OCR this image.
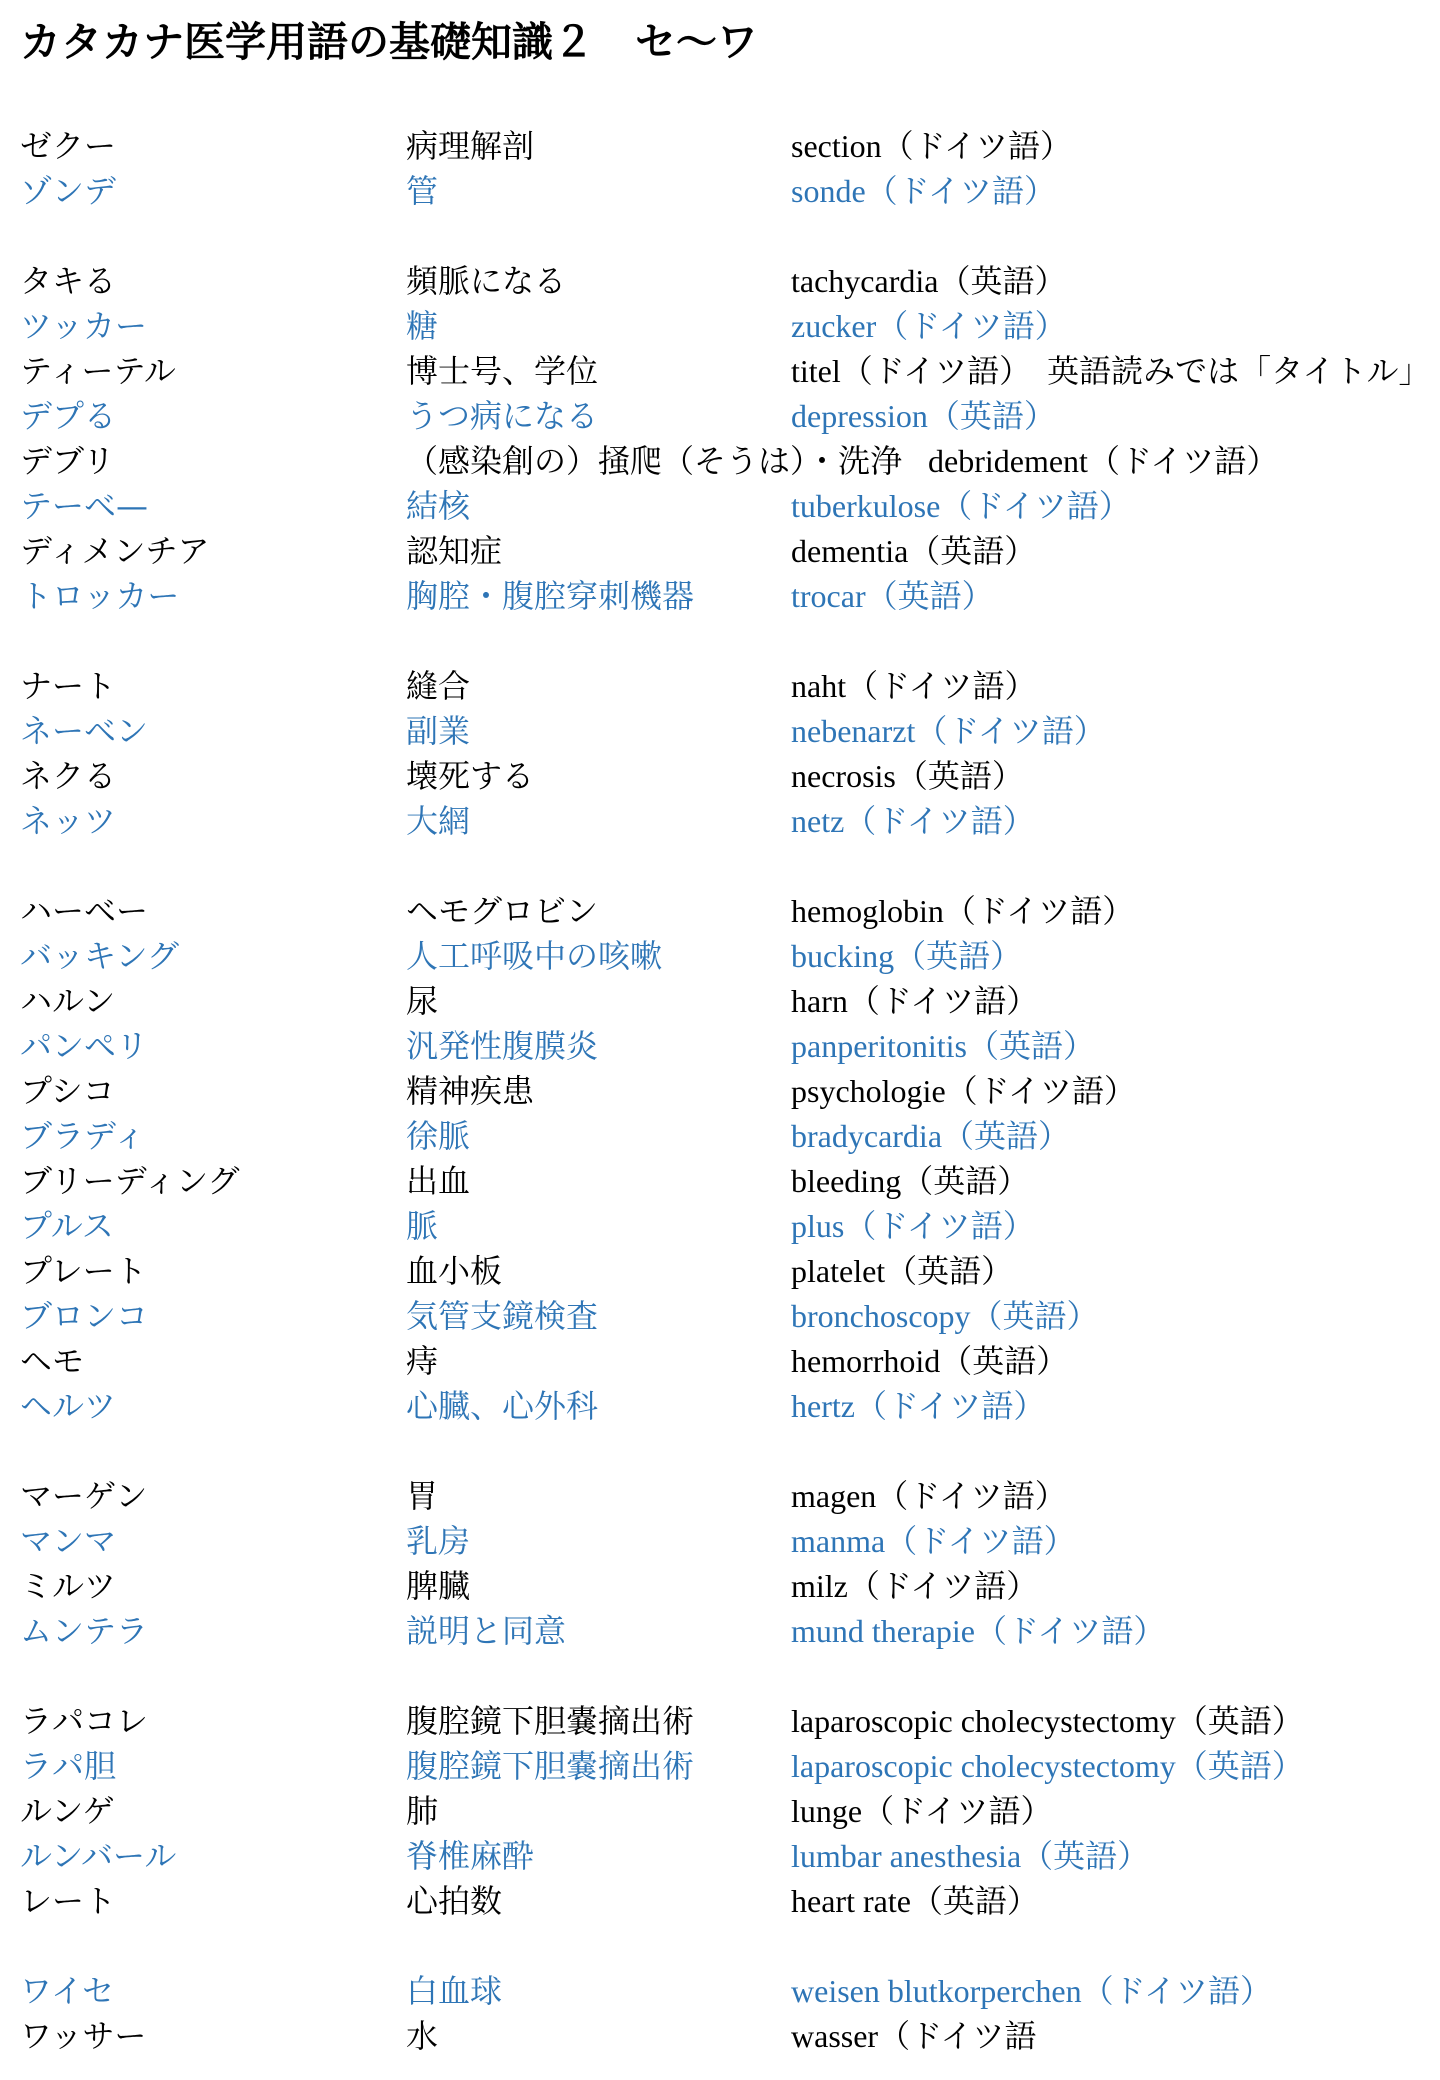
カタカナ医学用語の基礎知識２　セ～ワ
ゼクー	病理解剖	section（ドイツ語）
ゾンデ	管	sonde（ドイツ語）
タキる	頻脈になる	tachycardia（英語）
ツッカー	糖	zucker（ドイツ語）
ティーテル	博士号、学位	titel（ドイツ語）　英語読みでは「タイトル」
デプる	うつ病になる	depression（英語）
デブリ	（感染創の）掻爬（そうは）・洗浄 debridement（ドイツ語）
テーベ—	結核	tuberkulose（ドイツ語）
ディメンチア	認知症	dementia（英語）
トロッカー	胸腔・腹腔穿刺機器	trocar（英語）
ナート	縫合	naht（ドイツ語）
ネーベン	副業	nebenarzt（ドイツ語）
ネクる	壊死する	necrosis（英語）
ネッツ	大網	netz（ドイツ語）
ハーベー	ヘモグロビン	hemoglobin（ドイツ語）
バッキング	人工呼吸中の咳嗽	bucking（英語）
ハルン	尿	harn（ドイツ語）
パンペリ	汎発性腹膜炎	panperitonitis（英語）
プシコ	精神疾患	psychologie（ドイツ語）
ブラディ	徐脈	bradycardia（英語）
ブリーディング	出血	bleeding（英語）
プルス	脈	plus（ドイツ語）
プレート	血小板	platelet（英語）
ブロンコ	気管支鏡検査	bronchoscopy（英語）
ヘモ	痔	hemorrhoid（英語）
ヘルツ	心臓、心外科	hertz（ドイツ語）
マーゲン	胃	magen（ドイツ語）
マンマ	乳房	manma（ドイツ語）
ミルツ	脾臓	milz（ドイツ語）
ムンテラ	説明と同意	mund therapie（ドイツ語）
ラパコレ	腹腔鏡下胆嚢摘出術	laparoscopic cholecystectomy（英語）
ラパ胆	腹腔鏡下胆嚢摘出術	laparoscopic cholecystectomy（英語）
ルンゲ	肺	lunge（ドイツ語）
ルンバール	脊椎麻酔	lumbar anesthesia（英語）
レート	心拍数	heart rate（英語）
ワイセ	白血球	weisen blutkorperchen（ドイツ語）
ワッサー	水	wasser（ドイツ語
